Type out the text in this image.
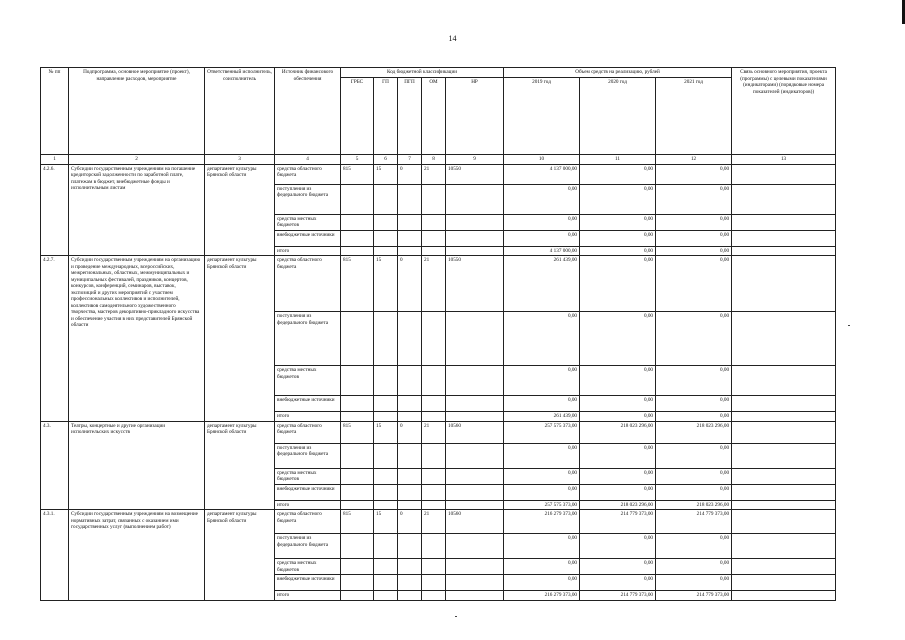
14
№ пп	Подпрограмма, основное мероприятие (проект), направление расходов, мероприятие	Ответственный исполнитель, соисполнитель	Источник финансового обеспечения	Код бюджетной классификации					Объем средств на реализацию, рублей			Связь основного мероприятия, проекта (программы) с целевыми показателями (индикаторами) (порядковые номера показателей (индикаторов))
				ГРБС	ГП	ПГП	ОМ	НР	2019 год	2020 год	2021 год	
1	2	3	4	5	6	7	8	9	10	11	12	13
4.2.6.	Субсидии государственным учреждениям на погашение кредиторской задолженности по заработной плате, платежам в бюджет, внебюджетные фонды и исполнительным листам	департамент культуры Брянской области	средства областного бюджета	815	15	0	21	10550	4 137 000,00	0,00	0,00	
			поступления из федерального бюджета						0,00	0,00	0,00	
			средства местных бюджетов						0,00	0,00	0,00	
			внебюджетные источники						0,00	0,00	0,00	
			итого						4 137 000,00	0,00	0,00	
4.2.7.	Субсидии государственным учреждениям на организацию и проведение международных, всероссийских, межрегиональных, областных, межмуниципальных и муниципальных фестивалей, праздников, концертов, конкурсов, конференций, семинаров, выставок, экспозиций и других мероприятий с участием профессиональных коллективов и исполнителей, коллективов самодеятельного художественного творчества, мастеров декоративно-прикладного искусства и обеспечение участия в них представителей Брянской области	департамент культуры Брянской области	средства областного бюджета	815	15	0	21	10550	261 439,00	0,00	0,00	
			поступления из федерального бюджета						0,00	0,00	0,00	
			средства местных бюджетов						0,00	0,00	0,00	
			внебюджетные источники						0,00	0,00	0,00	
			итого						261 439,00	0,00	0,00	
4.3.	Театры, концертные и другие организации исполнительских искусств	департамент культуры Брянской области	средства областного бюджета	815	15	0	21	10560	257 575 373,00	218 023 296,00	218 023 296,00	
			поступления из федерального бюджета						0,00	0,00	0,00	
			средства местных бюджетов						0,00	0,00	0,00	
			внебюджетные источники						0,00	0,00	0,00	
			итого						257 575 373,00	218 023 296,00	218 023 296,00	
4.3.1.	Субсидии государственным учреждениям на возмещение нормативных затрат, связанных с оказанием ими государственных услуг (выполнением работ)	департамент культуры Брянской области	средства областного бюджета	815	15	0	21	10560	216 279 373,00	214 779 373,00	214 779 373,00	
			поступления из федерального бюджета						0,00	0,00	0,00	
			средства местных бюджетов						0,00	0,00	0,00	
			внебюджетные источники						0,00	0,00	0,00	
			итого						216 279 373,00	214 779 373,00	214 779 373,00	
